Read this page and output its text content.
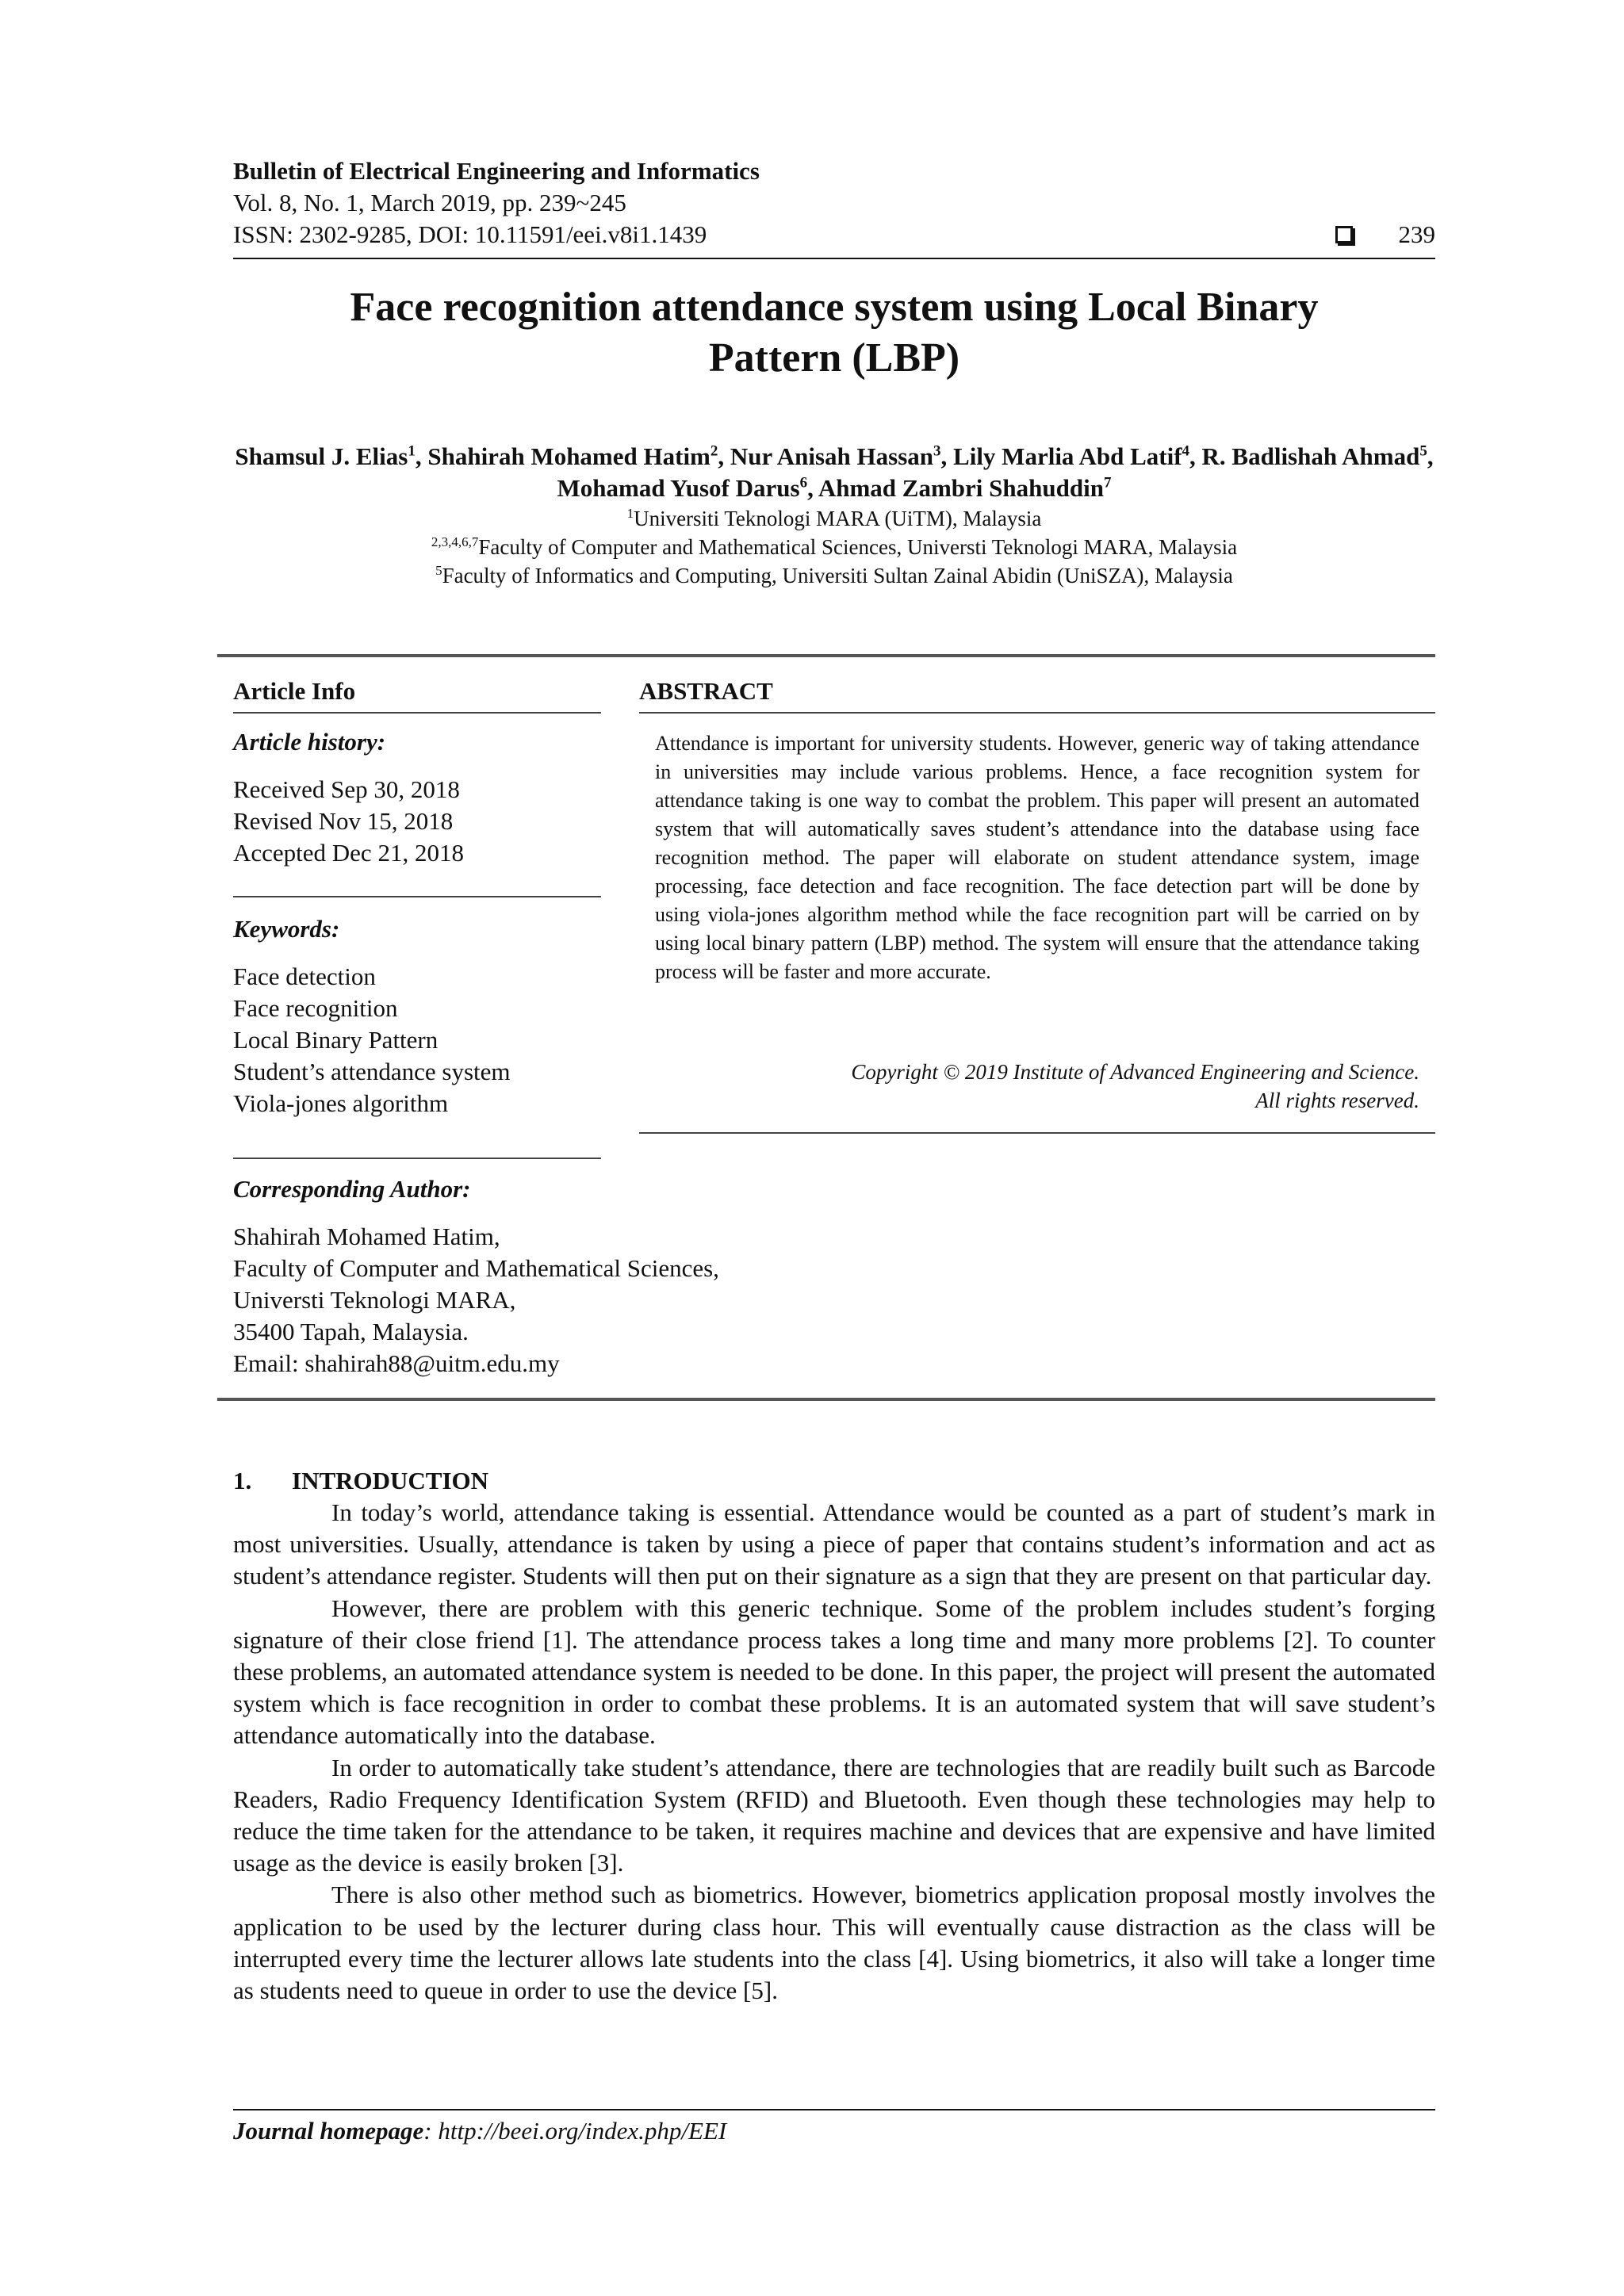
Bulletin of Electrical Engineering and Informatics
Vol. 8, No. 1, March 2019, pp. 239~245
ISSN: 2302-9285, DOI: 10.11591/eei.v8i1.1439	239
Face recognition attendance system using Local Binary
Pattern (LBP)
Shamsul J. Elias$^1$, Shahirah Mohamed Hatim$^2$, Nur Anisah Hassan$^3$, Lily Marlia Abd Latif$^4$, R. Badlishah Ahmad$^5$, Mohamad Yusof Darus$^6$, Ahmad Zambri Shahuddin$^7$
$^1$Universiti Teknologi MARA (UiTM), Malaysia
$^{2,3,4,6,7}$Faculty of Computer and Mathematical Sciences, Universti Teknologi MARA, Malaysia
$^5$Faculty of Informatics and Computing, Universiti Sultan Zainal Abidin (UniSZA), Malaysia
Article Info
Article history:
Received Sep 30, 2018
Revised Nov 15, 2018
Accepted Dec 21, 2018
Keywords:
Face detection
Face recognition
Local Binary Pattern
Student’s attendance system
Viola-jones algorithm
ABSTRACT
Attendance is important for university students. However, generic way of taking attendance in universities may include various problems. Hence, a face recognition system for attendance taking is one way to combat the problem. This paper will present an automated system that will automatically saves student’s attendance into the database using face recognition method. The paper will elaborate on student attendance system, image processing, face detection and face recognition. The face detection part will be done by using viola-jones algorithm method while the face recognition part will be carried on by using local binary pattern (LBP) method. The system will ensure that the attendance taking process will be faster and more accurate.
Copyright © 2019 Institute of Advanced Engineering and Science.
All rights reserved.
Corresponding Author:
Shahirah Mohamed Hatim,
Faculty of Computer and Mathematical Sciences,
Universti Teknologi MARA,
35400 Tapah, Malaysia.
Email: shahirah88@uitm.edu.my
1. INTRODUCTION

In today’s world, attendance taking is essential. Attendance would be counted as a part of student’s mark in most universities. Usually, attendance is taken by using a piece of paper that contains student’s information and act as student’s attendance register. Students will then put on their signature as a sign that they are present on that particular day.

However, there are problem with this generic technique. Some of the problem includes student’s forging signature of their close friend [1]. The attendance process takes a long time and many more problems [2]. To counter these problems, an automated attendance system is needed to be done. In this paper, the project will present the automated system which is face recognition in order to combat these problems. It is an automated system that will save student’s attendance automatically into the database.

In order to automatically take student’s attendance, there are technologies that are readily built such as Barcode Readers, Radio Frequency Identification System (RFID) and Bluetooth. Even though these technologies may help to reduce the time taken for the attendance to be taken, it requires machine and devices that are expensive and have limited usage as the device is easily broken [3].

There is also other method such as biometrics. However, biometrics application proposal mostly involves the application to be used by the lecturer during class hour. This will eventually cause distraction as the class will be interrupted every time the lecturer allows late students into the class [4]. Using biometrics, it also will take a longer time as students need to queue in order to use the device [5].

Journal homepage: http://beei.org/index.php/EEI
